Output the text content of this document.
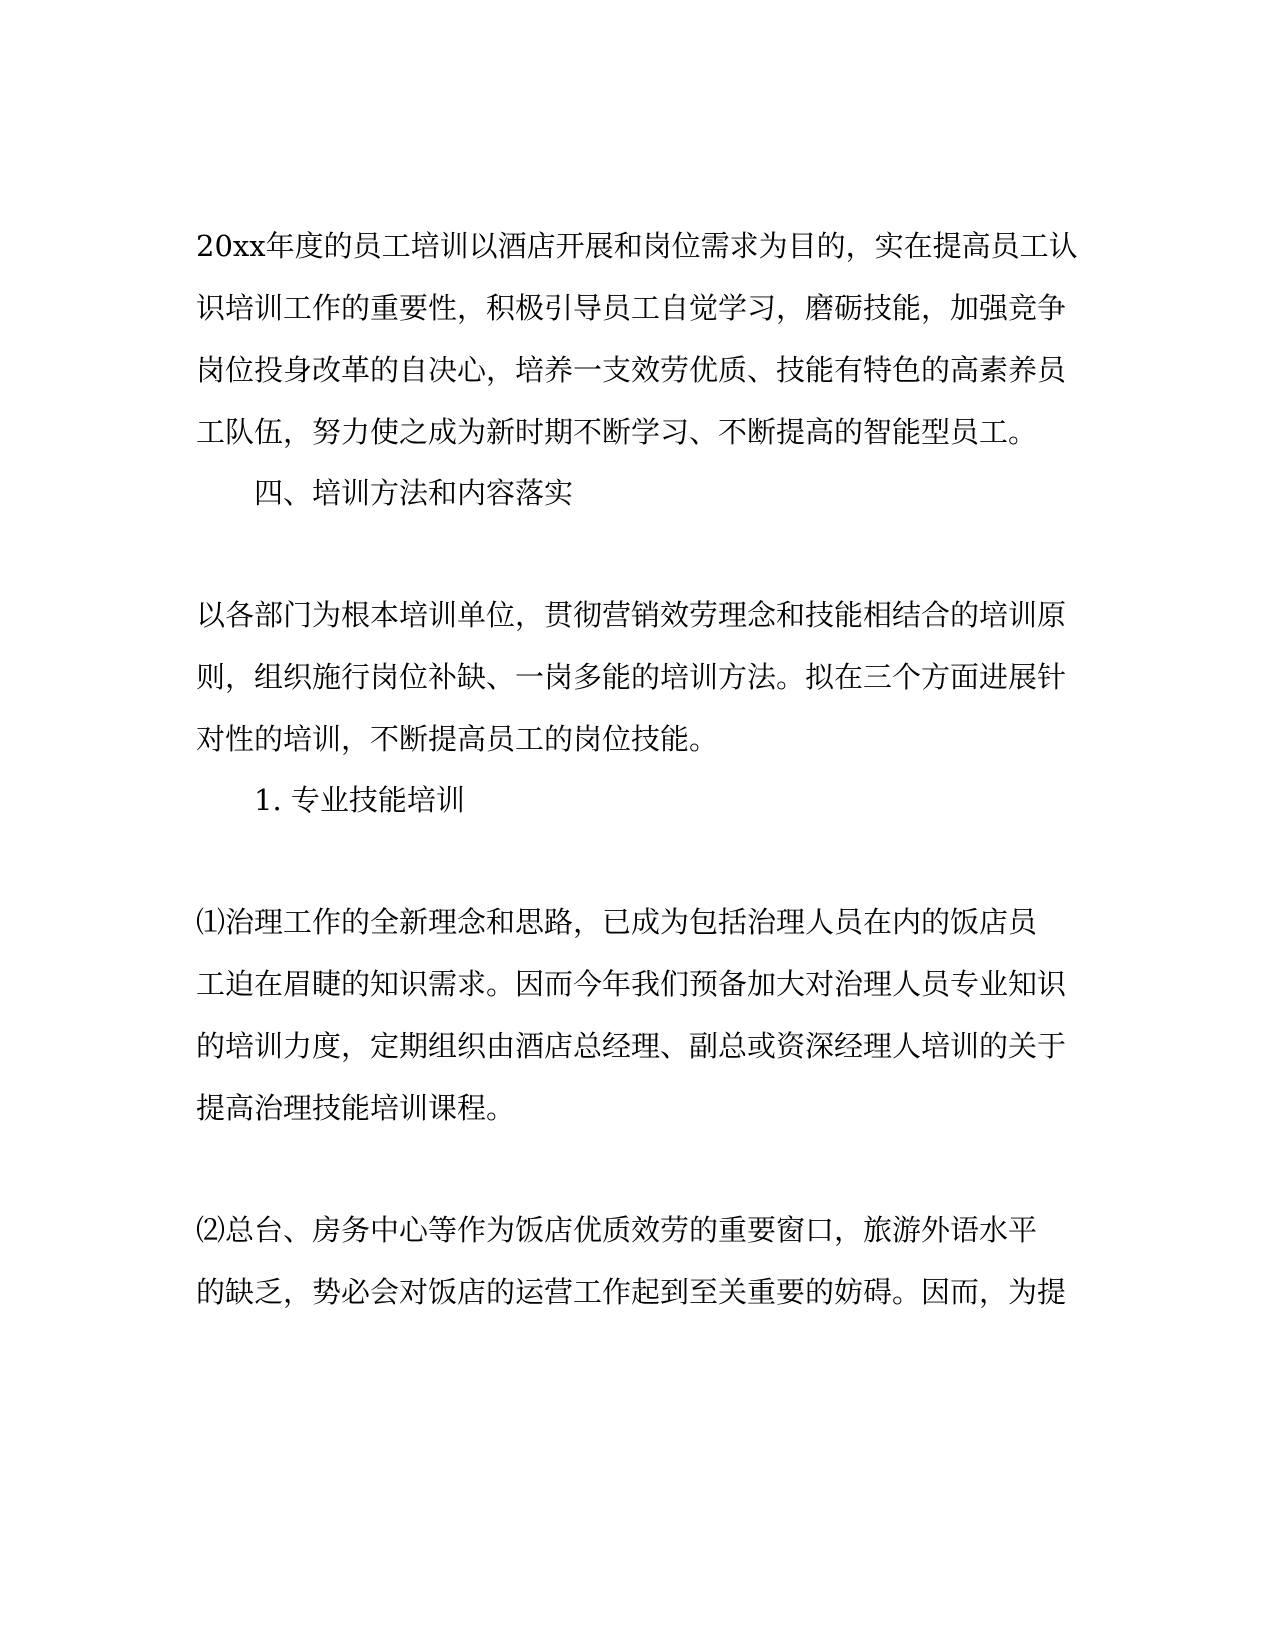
20xx年度的员工培训以酒店开展和岗位需求为目的，实在提高员工认
识培训工作的重要性，积极引导员工自觉学习，磨砺技能，加强竞争
岗位投身改革的自决心，培养一支效劳优质、技能有特色的高素养员
工队伍，努力使之成为新时期不断学习、不断提高的智能型员工。
四、培训方法和内容落实
以各部门为根本培训单位，贯彻营销效劳理念和技能相结合的培训原
则，组织施行岗位补缺、一岗多能的培训方法。拟在三个方面进展针
对性的培训，不断提高员工的岗位技能。
1. 专业技能培训
⑴治理工作的全新理念和思路，已成为包括治理人员在内的饭店员
工迫在眉睫的知识需求。因而今年我们预备加大对治理人员专业知识
的培训力度，定期组织由酒店总经理、副总或资深经理人培训的关于
提高治理技能培训课程。
⑵总台、房务中心等作为饭店优质效劳的重要窗口，旅游外语水平
的缺乏，势必会对饭店的运营工作起到至关重要的妨碍。因而，为提
